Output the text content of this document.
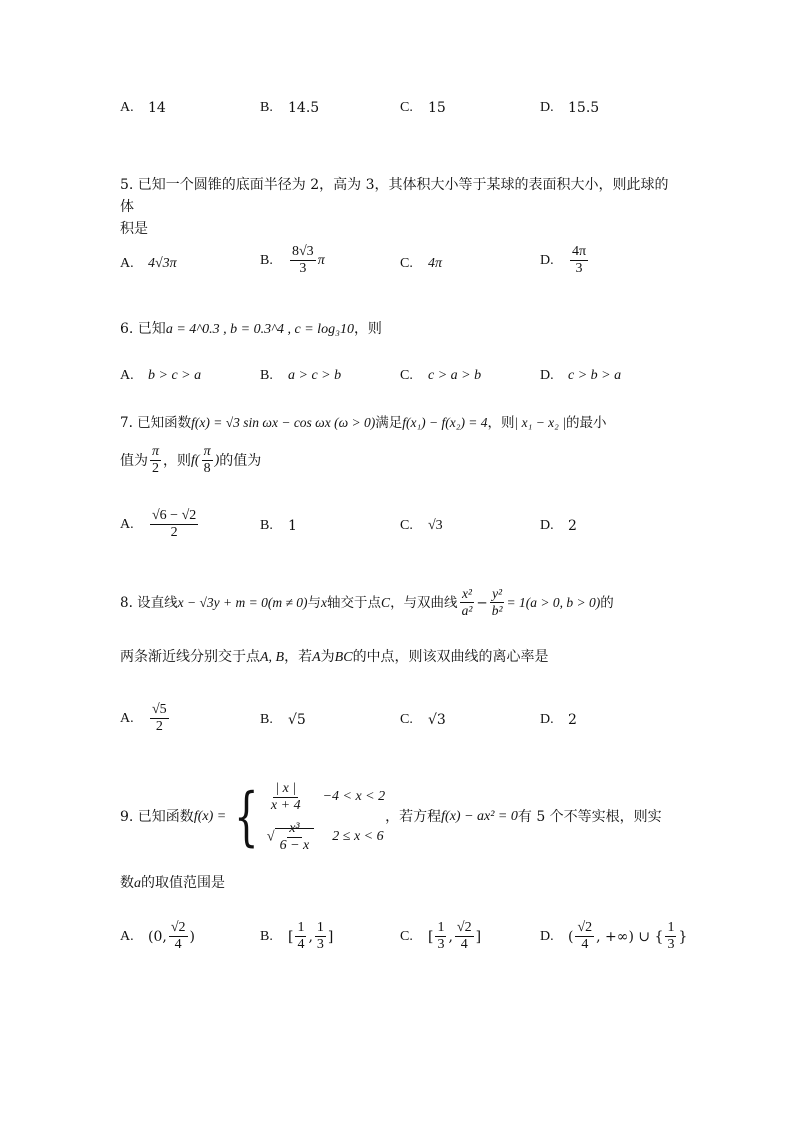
A.	14	B.	14.5	C.	15	D.	15.5
5. 已知一个圆锥的底面半径为 2，高为 3，其体积大小等于某球的表面积大小，则此球的体
积是
A.	4√3π	B.	$\frac{8√3}{3}$ π	C.	4π	D.	$\frac{4\pi}{3}$
6. 已知a = 4^0.3 , b = 0.3^4 , c = log₃10，则
A.	b > c > a	B.	a > c > b	C.	c > a > b	D.	c > b > a
7. 已知函数f(x) = √3 sin ωx − cos ωx (ω > 0)满足f(x₁) − f(x₂) = 4，则| x₁ − x₂ |的最小
值为 $\frac{\pi}{2}$ ，则 $f( \frac{\pi}{8}$ ) 的值为
A.	$\frac{√6 - √2}{2}$	B.	1	C.	√3	D.	2
8. 设直线 x − √3y + m = 0(m ≠ 0) 与 x 轴交于点 C ，与双曲线 $\frac{\text{x²}}{\text{a²}} - \frac{\text{y²}}{\text{b²}} = 1(a > 0$, b > 0) 的
两条渐近线分别交于点A, B，若A为BC的中点，则该双曲线的离心率是
A.	$\frac{√5}{2}$	B.	√5	C.	√3	D.	2
9. 已知函数 f(x) = { $\frac{| x |}{x + 4} -4 < x < 2$
√ $\frac{\text{x³}}{6 - x} 2 \le x < 6$
，若方程 f(x) − ax² = 0 有 5 个不等实根，则实
数a的取值范围是
A.	(0, $\frac{√2}{4}$ )	B.	[ $\frac{1}{4}$ , $\frac{1}{3}$ ]	C.	[ $\frac{1}{3}$ , $\frac{√2}{4}$ ]	D.	( $\frac{√2}{4}$ , +∞) ∪ { $\frac{1}{3}$ }
